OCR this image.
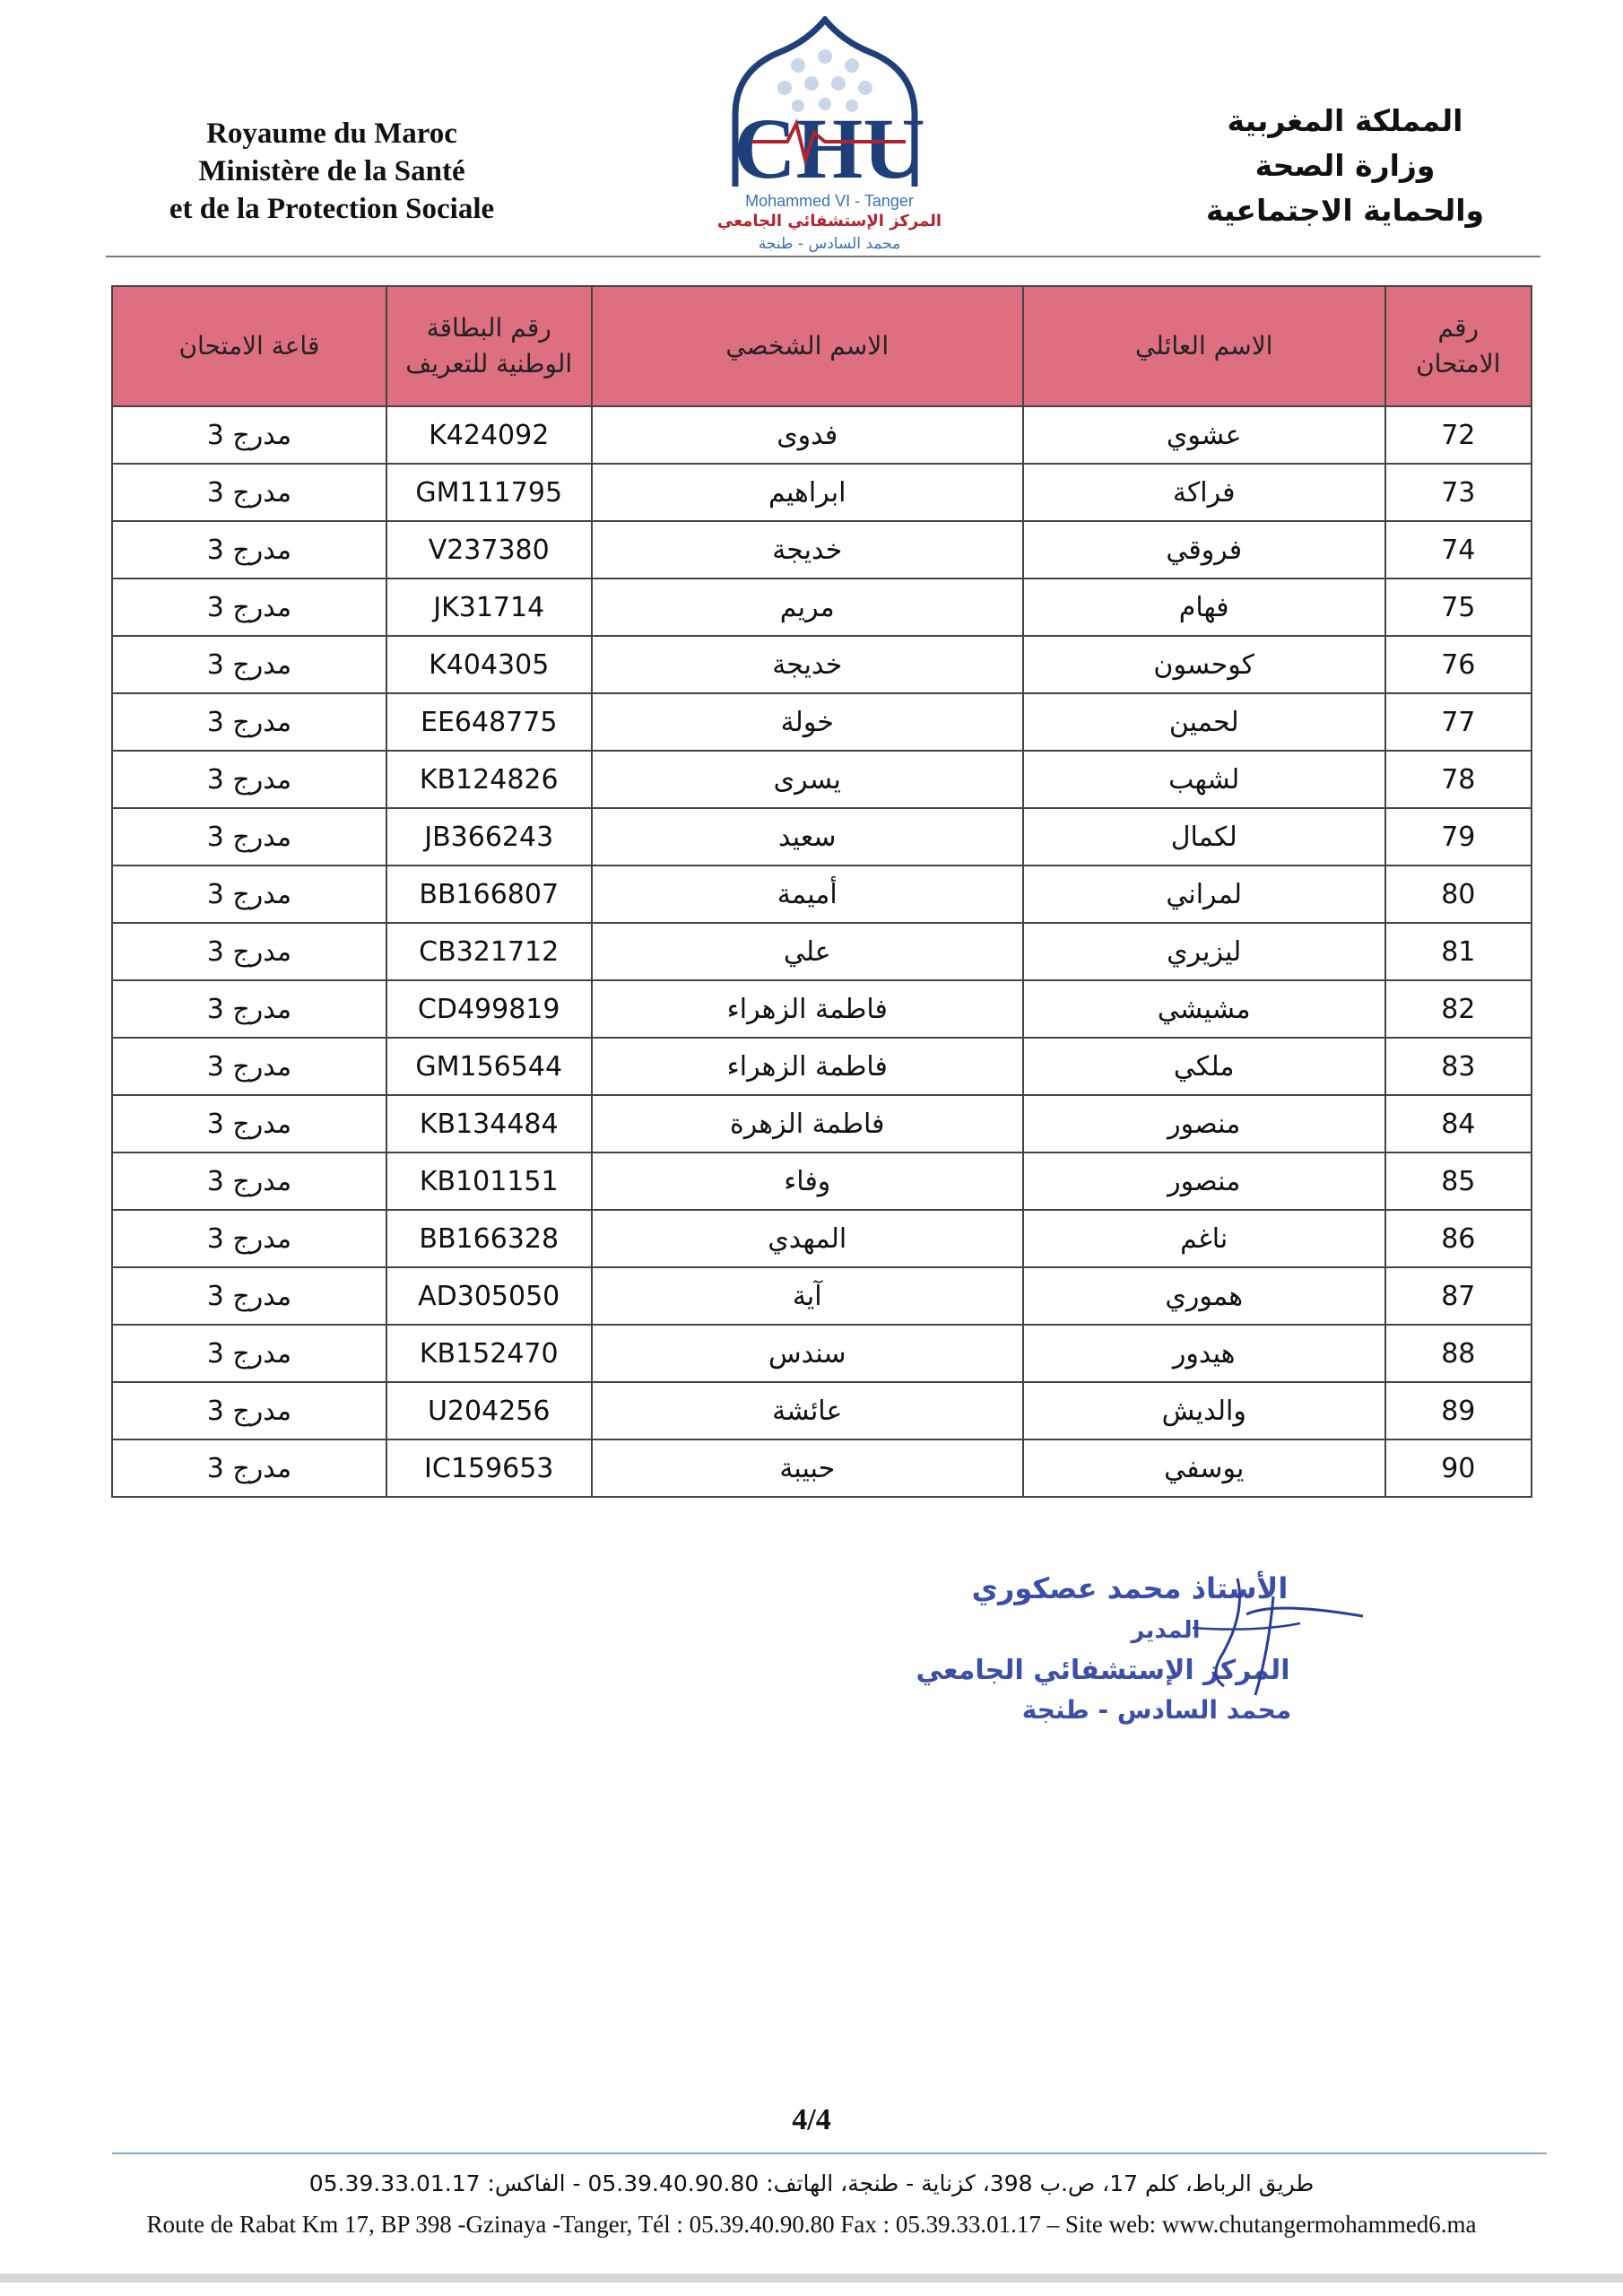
Royaume du Maroc
Ministère de la Santé
et de la Protection Sociale
CHU
Mohammed VI - Tanger
المركز الإستشفائي الجامعي
محمد السادس - طنجة
المملكة المغربية
وزارة الصحة
والحماية الاجتماعية
رقم الامتحان	الاسم العائلي	الاسم الشخصي	رقم البطاقة الوطنية للتعريف	قاعة الامتحان
72	عشوي	فدوى	K424092	مدرج 3
73	فراكة	ابراهيم	GM111795	مدرج 3
74	فروقي	خديجة	V237380	مدرج 3
75	فهام	مريم	JK31714	مدرج 3
76	كوحسون	خديجة	K404305	مدرج 3
77	لحمين	خولة	EE648775	مدرج 3
78	لشهب	يسرى	KB124826	مدرج 3
79	لكمال	سعيد	JB366243	مدرج 3
80	لمراني	أميمة	BB166807	مدرج 3
81	ليزيري	علي	CB321712	مدرج 3
82	مشيشي	فاطمة الزهراء	CD499819	مدرج 3
83	ملكي	فاطمة الزهراء	GM156544	مدرج 3
84	منصور	فاطمة الزهرة	KB134484	مدرج 3
85	منصور	وفاء	KB101151	مدرج 3
86	ناغم	المهدي	BB166328	مدرج 3
87	هموري	آية	AD305050	مدرج 3
88	هيدور	سندس	KB152470	مدرج 3
89	والديش	عائشة	U204256	مدرج 3
90	يوسفي	حبيبة	IC159653	مدرج 3
الأستاذ محمد عصكوري
المدير
المركز الإستشفائي الجامعي
محمد السادس - طنجة
4/4
طريق الرباط، كلم 17، ص.ب 398، كزناية - طنجة، الهاتف: 05.39.40.90.80 - الفاكس: 05.39.33.01.17
Route de Rabat Km 17, BP 398 -Gzinaya -Tanger, Tél : 05.39.40.90.80 Fax : 05.39.33.01.17 – Site web: www.chutangermohammed6.ma
